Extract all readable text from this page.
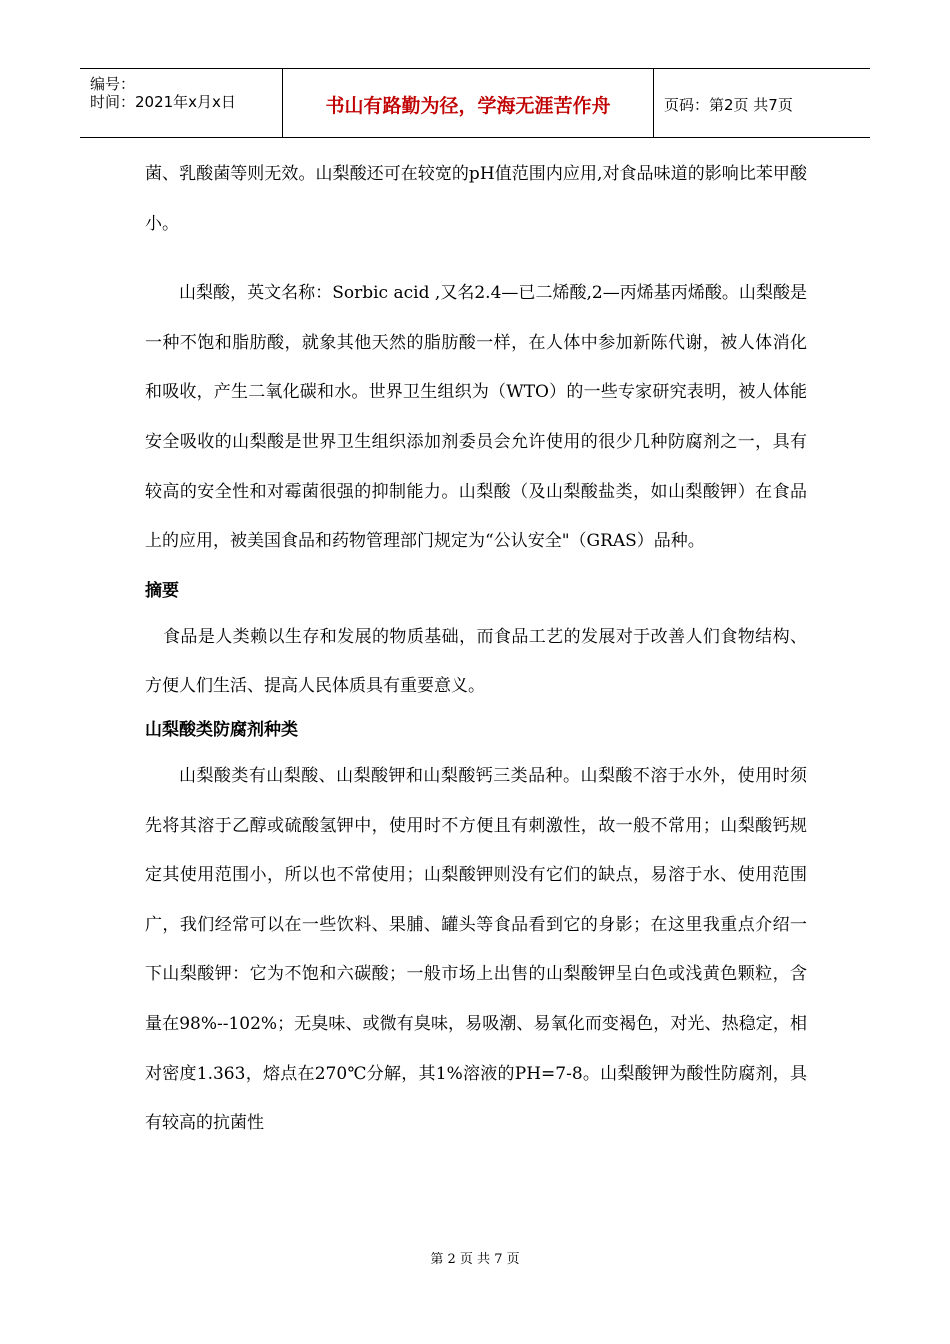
编号：
时间：2021年x月x日	书山有路勤为径，学海无涯苦作舟	页码：第2页 共7页

菌、乳酸菌等则无效。山梨酸还可在较宽的pH值范围内应用,对食品味道的影响比苯甲酸小。

山梨酸，英文名称：Sorbic acid ,又名2.4—已二烯酸,2—丙烯基丙烯酸。山梨酸是一种不饱和脂肪酸，就象其他天然的脂肪酸一样，在人体中参加新陈代谢，被人体消化和吸收，产生二氧化碳和水。世界卫生组织为（WTO）的一些专家研究表明，被人体能安全吸收的山梨酸是世界卫生组织添加剂委员会允许使用的很少几种防腐剂之一，具有较高的安全性和对霉菌很强的抑制能力。山梨酸（及山梨酸盐类，如山梨酸钾）在食品上的应用，被美国食品和药物管理部门规定为“公认安全"（GRAS）品种。

摘要

食品是人类赖以生存和发展的物质基础，而食品工艺的发展对于改善人们食物结构、方便人们生活、提高人民体质具有重要意义。

山梨酸类防腐剂种类

山梨酸类有山梨酸、山梨酸钾和山梨酸钙三类品种。山梨酸不溶于水外，使用时须先将其溶于乙醇或硫酸氢钾中，使用时不方便且有刺激性，故一般不常用；山梨酸钙规定其使用范围小，所以也不常使用；山梨酸钾则没有它们的缺点，易溶于水、使用范围广，我们经常可以在一些饮料、果脯、罐头等食品看到它的身影；在这里我重点介绍一下山梨酸钾：它为不饱和六碳酸；一般市场上出售的山梨酸钾呈白色或浅黄色颗粒，含量在98%--102%；无臭味、或微有臭味，易吸潮、易氧化而变褐色，对光、热稳定，相对密度1.363，熔点在270℃分解，其1%溶液的PH=7-8。山梨酸钾为酸性防腐剂，具有较高的抗菌性

第 2 页 共 7 页
